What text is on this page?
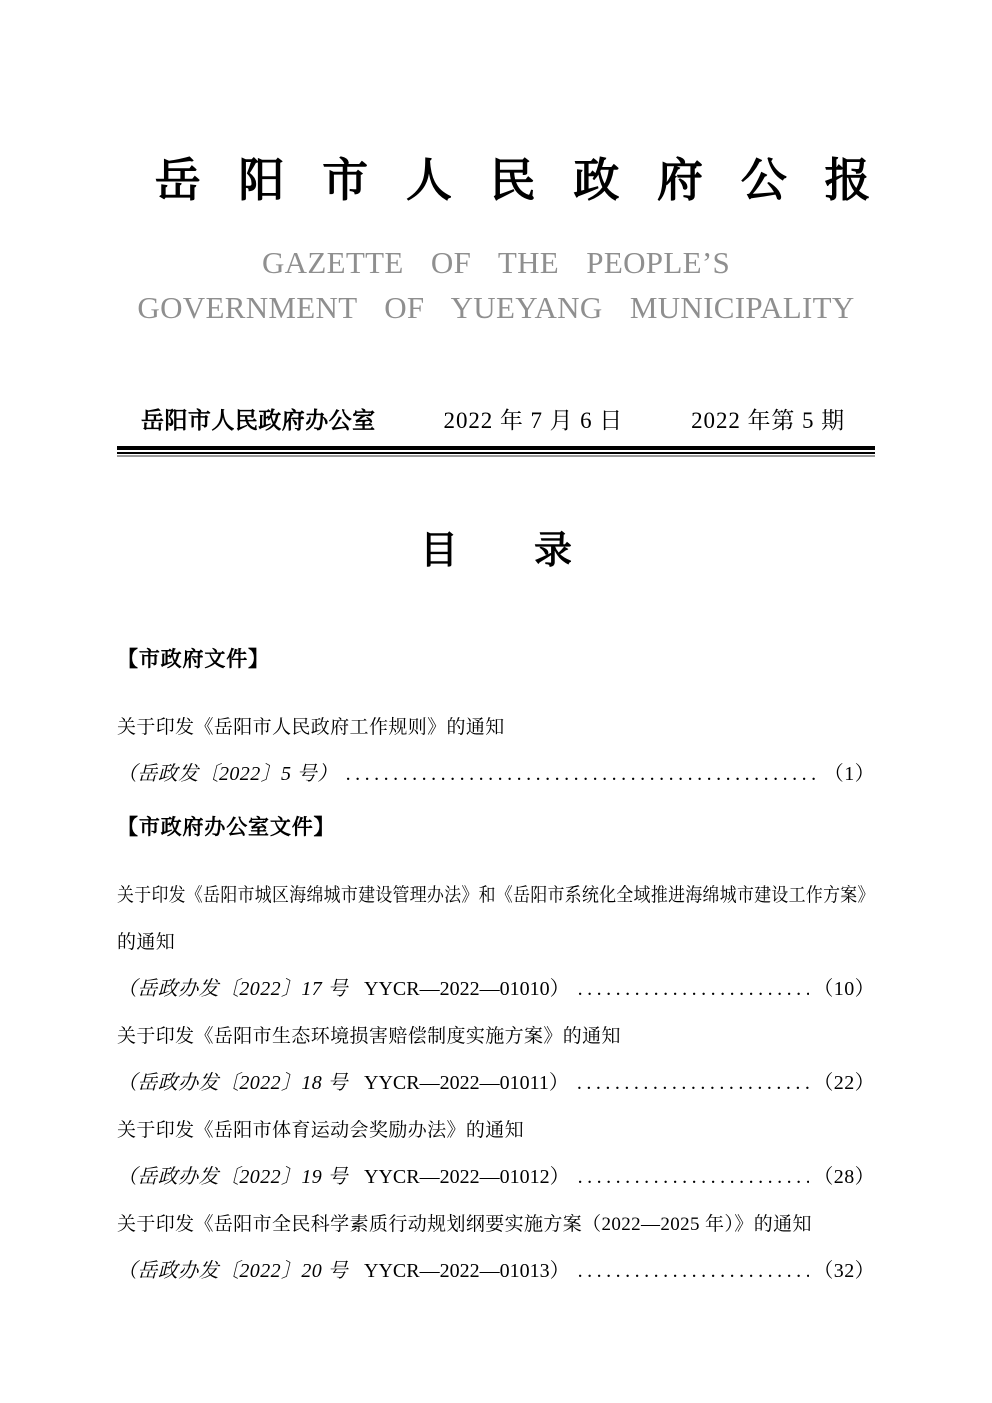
岳阳市人民政府公报
GAZETTE OF THE PEOPLE’S
GOVERNMENT OF YUEYANG MUNICIPALITY
岳阳市人民政府办公室	2022 年 7 月 6 日	2022 年第 5 期
目　　录
【市政府文件】
关于印发《岳阳市人民政府工作规则》的通知
（岳政发〔2022〕5 号） .....	（1）
【市政府办公室文件】
关于印发《岳阳市城区海绵城市建设管理办法》和《岳阳市系统化全域推进海绵城市建设工作方案》
的通知
（岳政办发〔2022〕17 号 YYCR—2022—01010） .....	（10）
关于印发《岳阳市生态环境损害赔偿制度实施方案》的通知
（岳政办发〔2022〕18 号 YYCR—2022—01011） .....	（22）
关于印发《岳阳市体育运动会奖励办法》的通知
（岳政办发〔2022〕19 号 YYCR—2022—01012） .....	（28）
关于印发《岳阳市全民科学素质行动规划纲要实施方案（2022—2025 年）》的通知
（岳政办发〔2022〕20 号 YYCR—2022—01013） .....	（32）
